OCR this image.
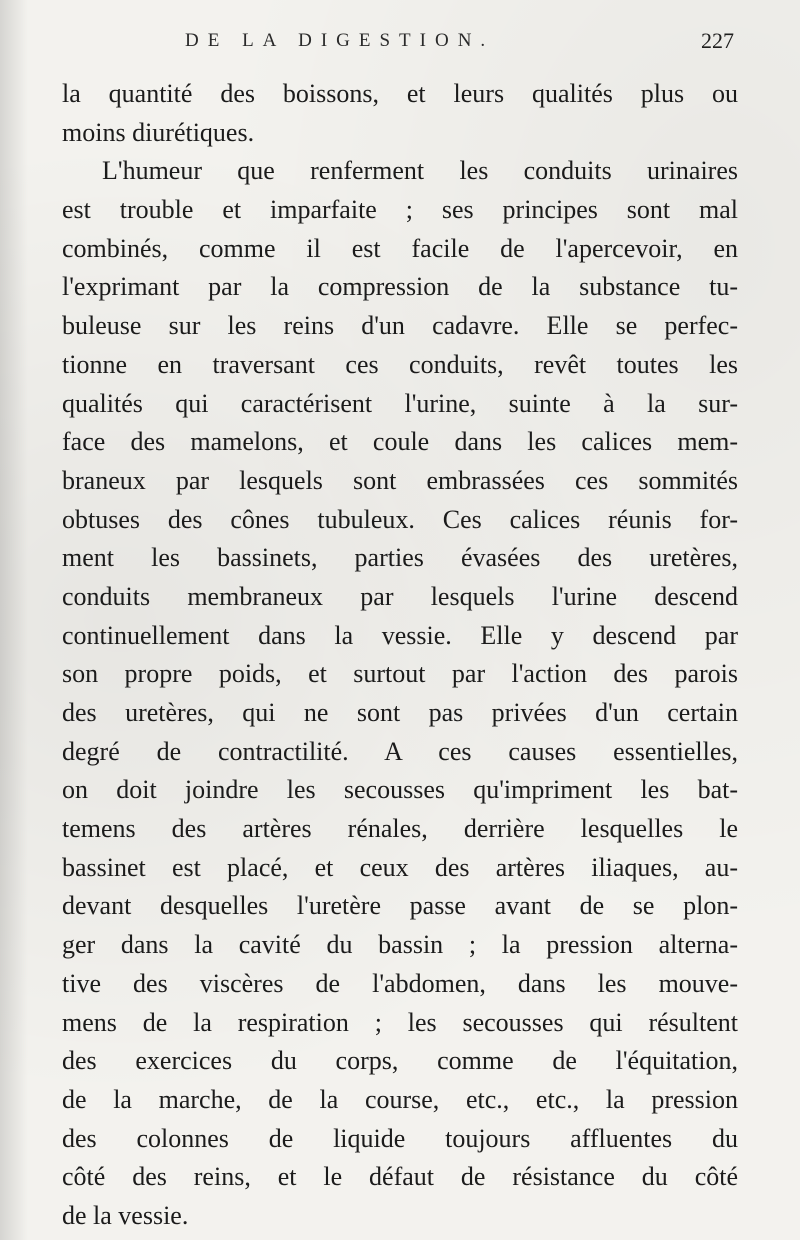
DE LA DIGESTION.	227
la quantité des boissons, et leurs qualités plus ou
moins diurétiques.
L'humeur que renferment les conduits urinaires
est trouble et imparfaite ; ses principes sont mal
combinés, comme il est facile de l'apercevoir, en
l'exprimant par la compression de la substance tu-
buleuse sur les reins d'un cadavre. Elle se perfec-
tionne en traversant ces conduits, revêt toutes les
qualités qui caractérisent l'urine, suinte à la sur-
face des mamelons, et coule dans les calices mem-
braneux par lesquels sont embrassées ces sommités
obtuses des cônes tubuleux. Ces calices réunis for-
ment les bassinets, parties évasées des uretères,
conduits membraneux par lesquels l'urine descend
continuellement dans la vessie. Elle y descend par
son propre poids, et surtout par l'action des parois
des uretères, qui ne sont pas privées d'un certain
degré de contractilité. A ces causes essentielles,
on doit joindre les secousses qu'impriment les bat-
temens des artères rénales, derrière lesquelles le
bassinet est placé, et ceux des artères iliaques, au-
devant desquelles l'uretère passe avant de se plon-
ger dans la cavité du bassin ; la pression alterna-
tive des viscères de l'abdomen, dans les mouve-
mens de la respiration ; les secousses qui résultent
des exercices du corps, comme de l'équitation,
de la marche, de la course, etc., etc., la pression
des colonnes de liquide toujours affluentes du
côté des reins, et le défaut de résistance du côté
de la vessie.
